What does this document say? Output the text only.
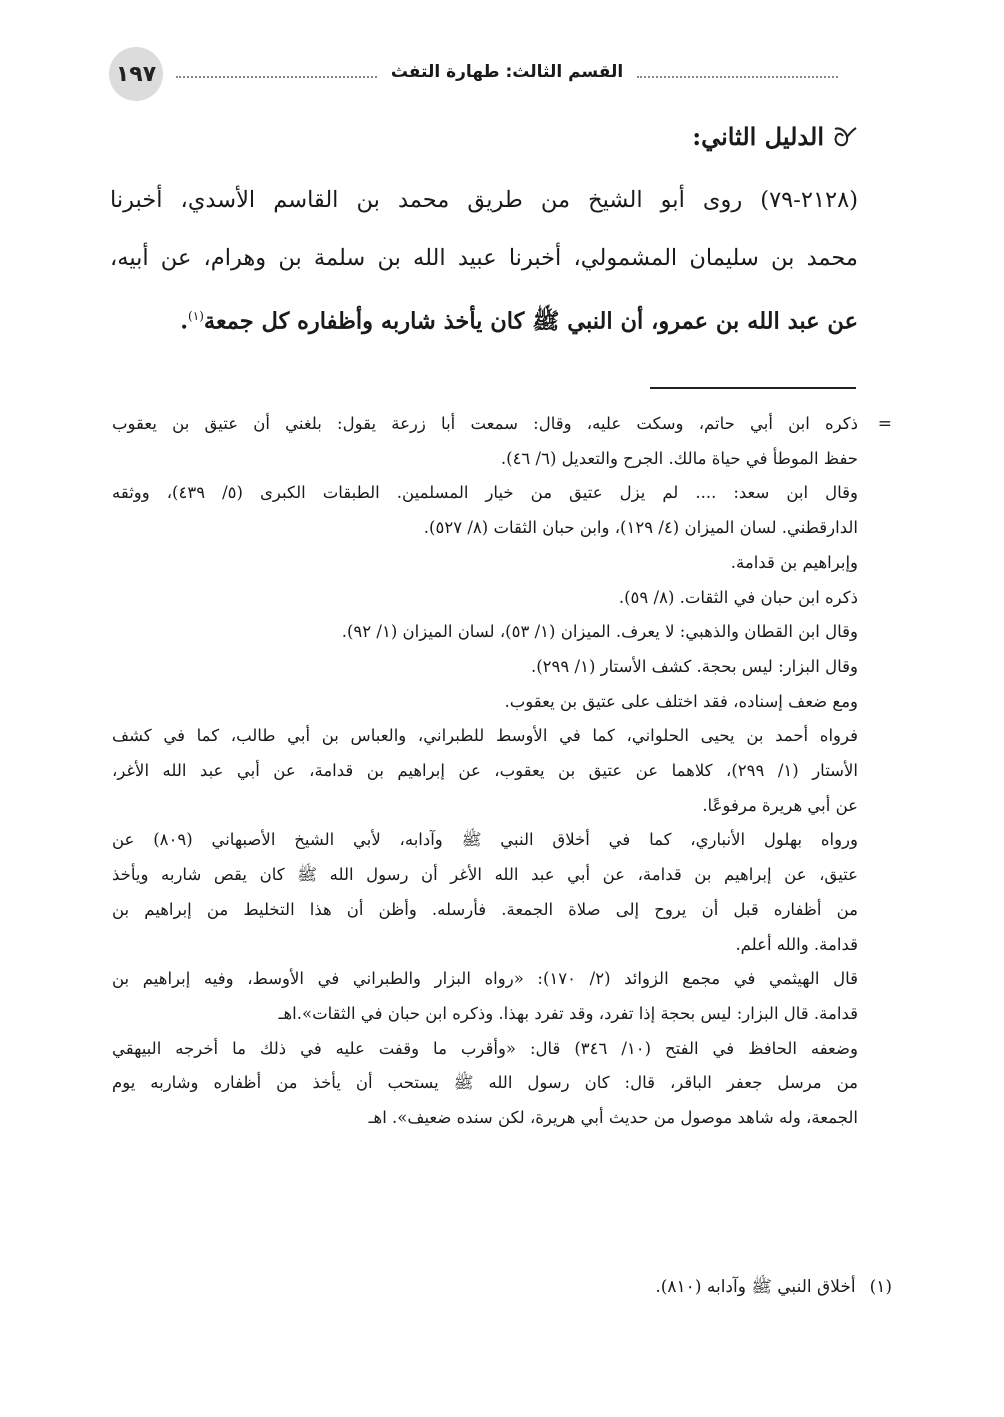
١٩٧	القسم الثالث: طهارة التفث
الدليل الثاني:
(٢١٢٨-٧٩) روى أبو الشيخ من طريق محمد بن القاسم الأسدي، أخبرنا
محمد بن سليمان المشمولي، أخبرنا عبيد الله بن سلمة بن وهرام، عن أبيه،
عن عبد الله بن عمرو، أن النبي ﷺ كان يأخذ شاربه وأظفاره كل جمعة$^{(١)}$.
=
ذكره ابن أبي حاتم، وسكت عليه، وقال: سمعت أبا زرعة يقول: بلغني أن عتيق بن يعقوب
حفظ الموطأ في حياة مالك. الجرح والتعديل (٦/ ٤٦).
وقال ابن سعد: .... لم يزل عتيق من خيار المسلمين. الطبقات الكبرى (٥/ ٤٣٩)، ووثقه
الدارقطني. لسان الميزان (٤/ ١٢٩)، وابن حبان الثقات (٨/ ٥٢٧).
وإبراهيم بن قدامة.
ذكره ابن حبان في الثقات. (٨/ ٥٩).
وقال ابن القطان والذهبي: لا يعرف. الميزان (١/ ٥٣)، لسان الميزان (١/ ٩٢).
وقال البزار: ليس بحجة. كشف الأستار (١/ ٢٩٩).
ومع ضعف إسناده، فقد اختلف على عتيق بن يعقوب.
فرواه أحمد بن يحيى الحلواني، كما في الأوسط للطبراني، والعباس بن أبي طالب، كما في كشف
الأستار (١/ ٢٩٩)، كلاهما عن عتيق بن يعقوب، عن إبراهيم بن قدامة، عن أبي عبد الله الأغر،
عن أبي هريرة مرفوعًا.
ورواه بهلول الأنباري، كما في أخلاق النبي ﷺ وآدابه، لأبي الشيخ الأصبهاني (٨٠٩) عن
عتيق، عن إبراهيم بن قدامة، عن أبي عبد الله الأغر أن رسول الله ﷺ كان يقص شاربه ويأخذ
من أظفاره قبل أن يروح إلى صلاة الجمعة. فأرسله. وأظن أن هذا التخليط من إبراهيم بن
قدامة. والله أعلم.
قال الهيثمي في مجمع الزوائد (٢/ ١٧٠): «رواه البزار والطبراني في الأوسط، وفيه إبراهيم بن
قدامة. قال البزار: ليس بحجة إذا تفرد، وقد تفرد بهذا. وذكره ابن حبان في الثقات».اهـ
وضعفه الحافظ في الفتح (١٠/ ٣٤٦) قال: «وأقرب ما وقفت عليه في ذلك ما أخرجه البيهقي
من مرسل جعفر الباقر، قال: كان رسول الله ﷺ يستحب أن يأخذ من أظفاره وشاربه يوم
الجمعة، وله شاهد موصول من حديث أبي هريرة، لكن سنده ضعيف». اهـ
(١)أخلاق النبي ﷺ وآدابه (٨١٠).
